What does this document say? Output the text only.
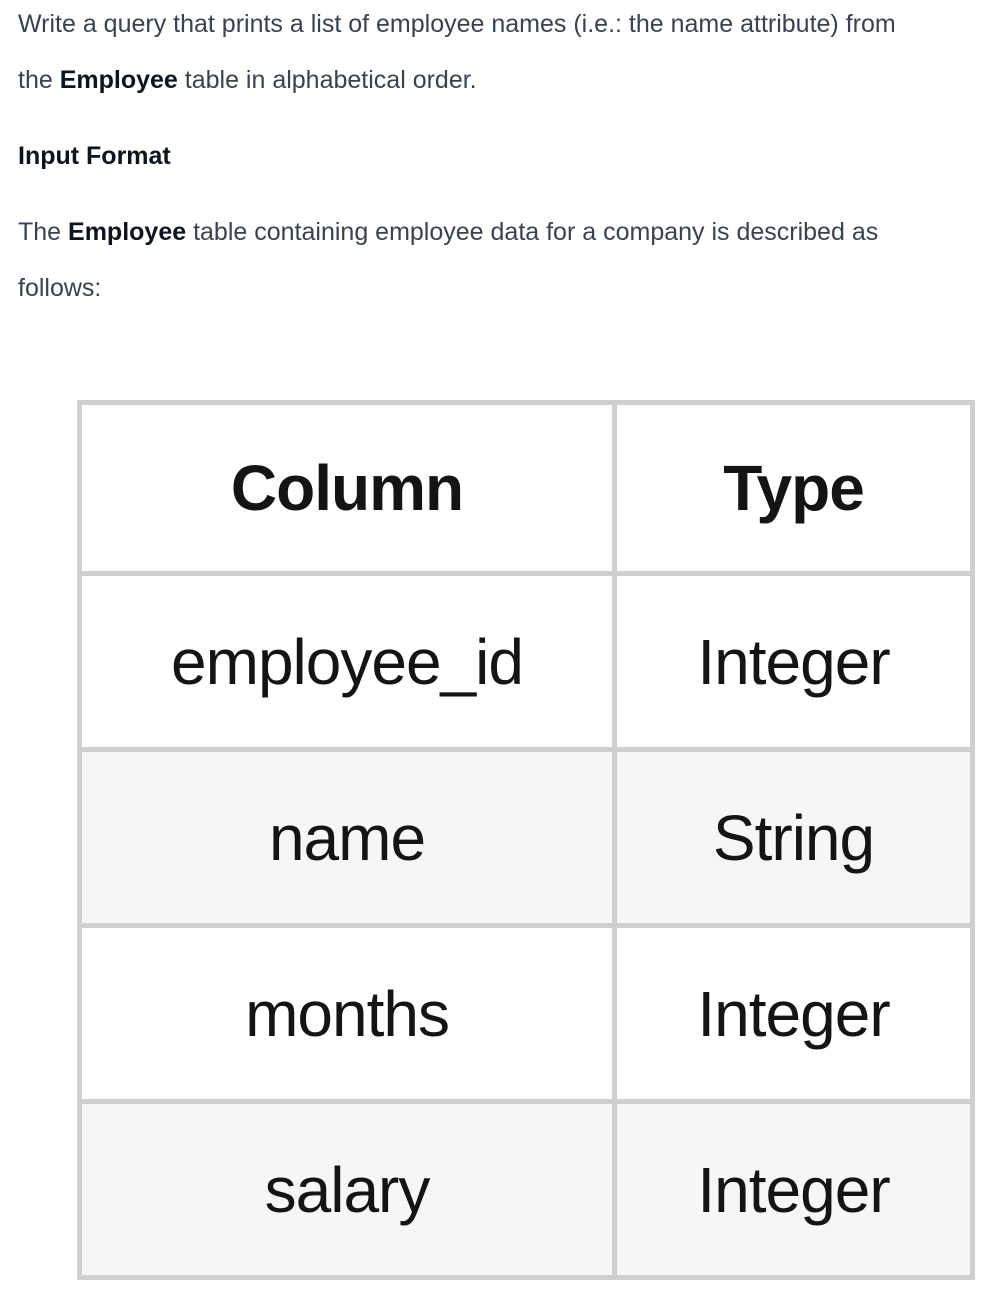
Write a query that prints a list of employee names (i.e.: the name attribute) from
the Employee table in alphabetical order.

Input Format

The Employee table containing employee data for a company is described as
follows:

Column	Type
employee_id	Integer
name	String
months	Integer
salary	Integer
